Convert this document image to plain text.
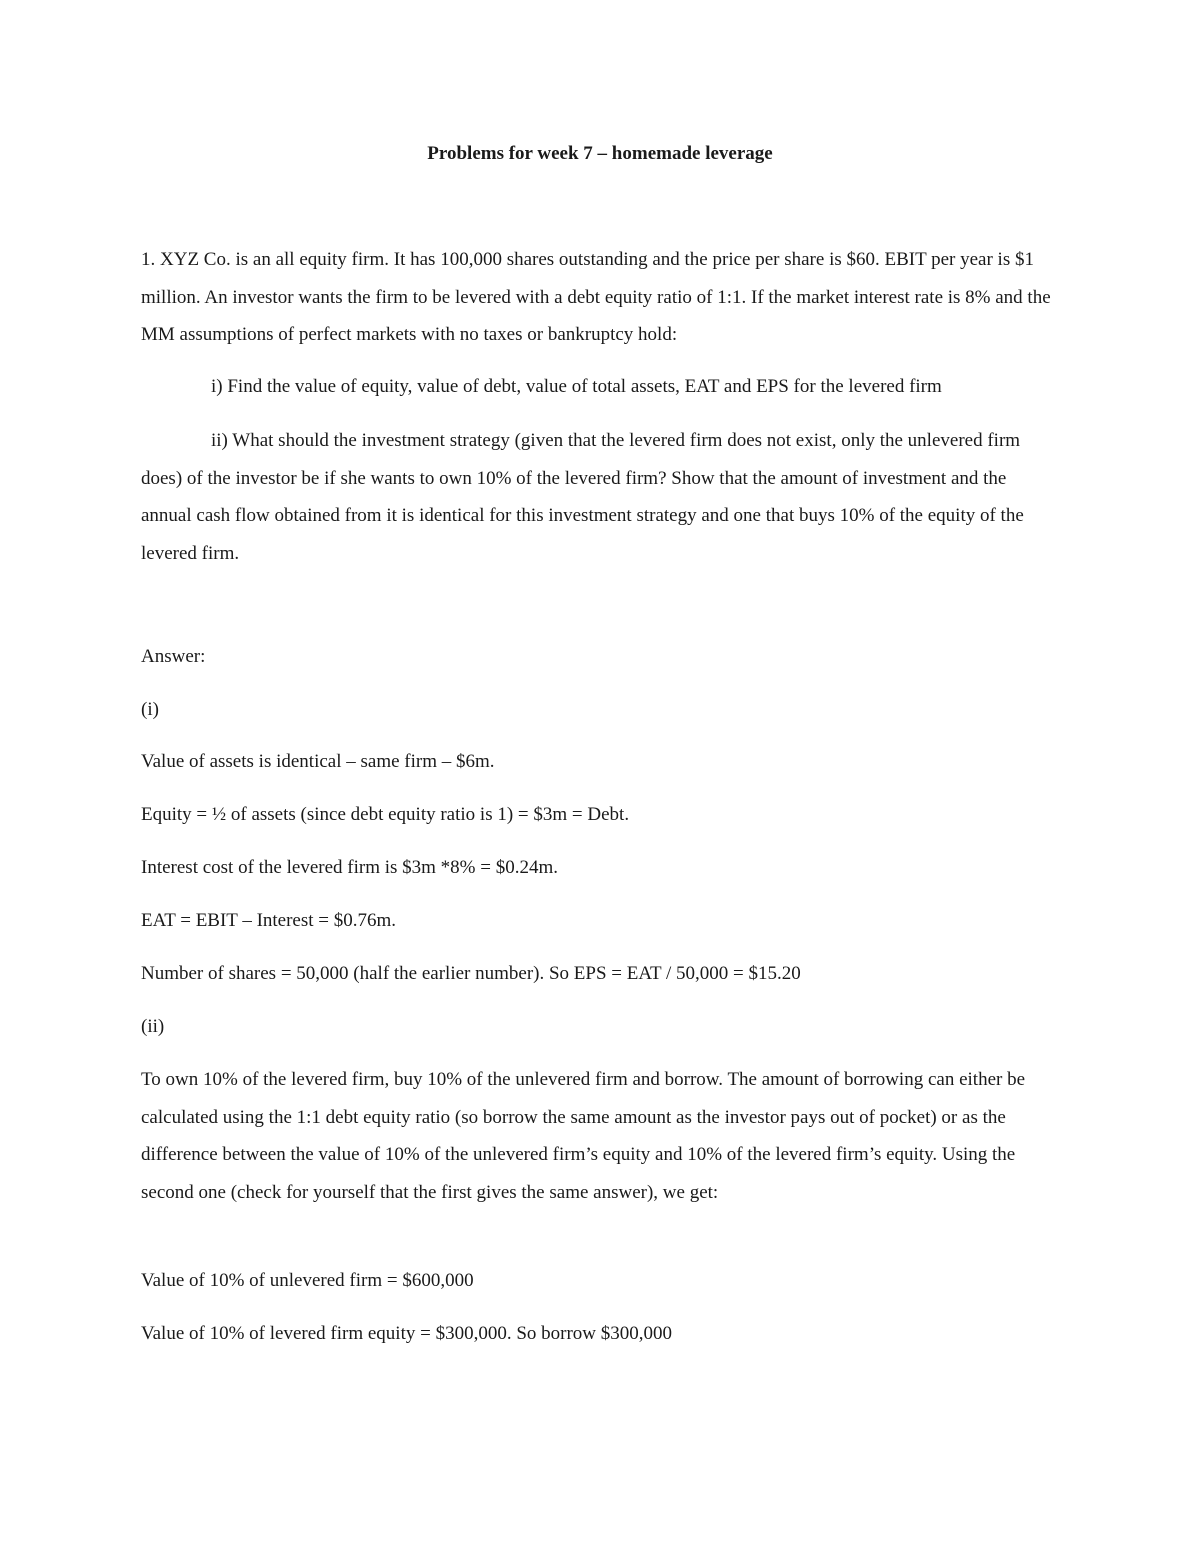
Problems for week 7 – homemade leverage
1. XYZ Co. is an all equity firm. It has 100,000 shares outstanding and the price per share is $60. EBIT per year is $1 million. An investor wants the firm to be levered with a debt equity ratio of 1:1. If the market interest rate is 8% and the MM assumptions of perfect markets with no taxes or bankruptcy hold:
i) Find the value of equity, value of debt, value of total assets, EAT and EPS for the levered firm
ii) What should the investment strategy (given that the levered firm does not exist, only the unlevered firm does) of the investor be if she wants to own 10% of the levered firm? Show that the amount of investment and the annual cash flow obtained from it is identical for this investment strategy and one that buys 10% of the equity of the levered firm.
Answer:
(i)
Value of assets is identical – same firm – $6m.
Equity = ½ of assets (since debt equity ratio is 1) = $3m = Debt.
Interest cost of the levered firm is $3m *8% = $0.24m.
EAT = EBIT – Interest = $0.76m.
Number of shares = 50,000 (half the earlier number). So EPS = EAT / 50,000 = $15.20
(ii)
To own 10% of the levered firm, buy 10% of the unlevered firm and borrow. The amount of borrowing can either be calculated using the 1:1 debt equity ratio (so borrow the same amount as the investor pays out of pocket) or as the difference between the value of 10% of the unlevered firm’s equity and 10% of the levered firm’s equity. Using the second one (check for yourself that the first gives the same answer), we get:
Value of 10% of unlevered firm = $600,000
Value of 10% of levered firm equity = $300,000. So borrow $300,000
